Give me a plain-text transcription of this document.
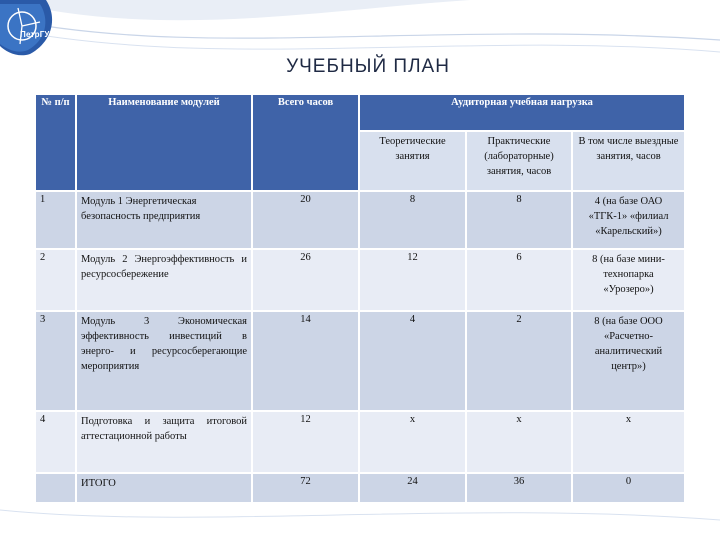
ПетрГУ
УЧЕБНЫЙ ПЛАН
№ п/п	Наименование модулей	Всего часов	Аудиторная учебная нагрузка		
			Теоретические занятия	Практические (лабораторные) занятия, часов	В том числе выездные занятия, часов
1	Модуль 1 Энергетическая безопасность предприятия	20	8	8	4 (на базе ОАО «ТГК-1» «филиал «Карельский»)
2	Модуль 2 Энергоэффективность и ресурсосбережение	26	12	6	8 (на базе мини-технопарка «Урозеро»)
3	Модуль 3 Экономическая эффективность инвестиций в энерго- и ресурсосберегающие мероприятия	14	4	2	8 (на базе ООО «Расчетно-аналитический центр»)
4	Подготовка и защита итоговой аттестационной работы	12	х	х	х
	ИТОГО	72	24	36	0
